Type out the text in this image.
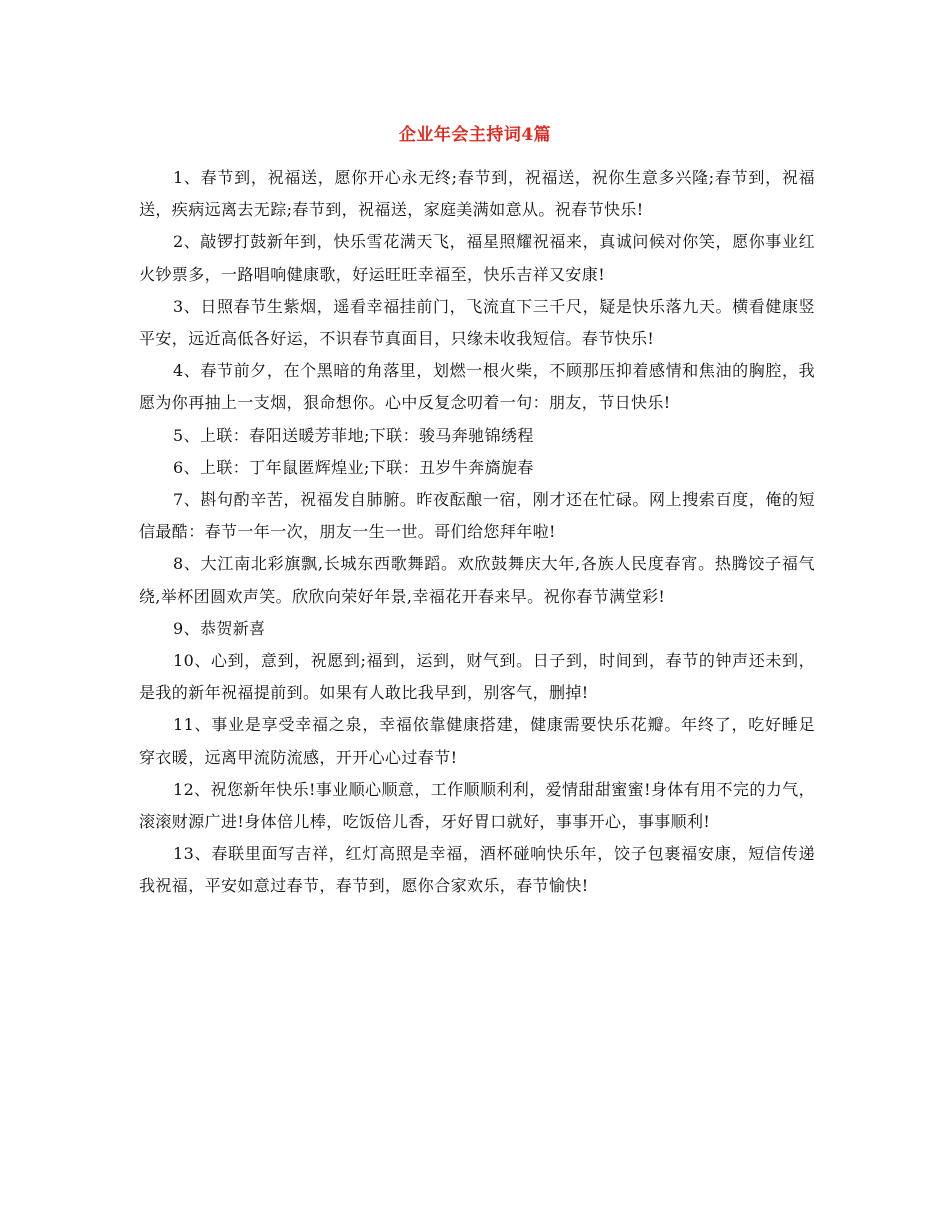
企业年会主持词4篇

1、春节到，祝福送，愿你开心永无终;春节到，祝福送，祝你生意多兴隆;春节到，祝福送，疾病远离去无踪;春节到，祝福送，家庭美满如意从。祝春节快乐!

2、敲锣打鼓新年到，快乐雪花满天飞，福星照耀祝福来，真诚问候对你笑，愿你事业红火钞票多，一路唱响健康歌，好运旺旺幸福至，快乐吉祥又安康!

3、日照春节生紫烟，遥看幸福挂前门，飞流直下三千尺，疑是快乐落九天。横看健康竖平安，远近高低各好运，不识春节真面目，只缘未收我短信。春节快乐!

4、春节前夕，在个黑暗的角落里，划燃一根火柴，不顾那压抑着感情和焦油的胸腔，我愿为你再抽上一支烟，狠命想你。心中反复念叨着一句：朋友，节日快乐!

5、上联：春阳送暖芳菲地;下联：骏马奔驰锦绣程

6、上联：丁年鼠匿辉煌业;下联：丑岁牛奔旖旎春

7、斟句酌辛苦，祝福发自肺腑。昨夜酝酿一宿，刚才还在忙碌。网上搜索百度，俺的短信最酷：春节一年一次，朋友一生一世。哥们给您拜年啦!

8、大江南北彩旗飘,长城东西歌舞蹈。欢欣鼓舞庆大年,各族人民度春宵。热腾饺子福气绕,举杯团圆欢声笑。欣欣向荣好年景,幸福花开春来早。祝你春节满堂彩!

9、恭贺新喜

10、心到，意到，祝愿到;福到，运到，财气到。日子到，时间到，春节的钟声还未到，是我的新年祝福提前到。如果有人敢比我早到，别客气，删掉!

11、事业是享受幸福之泉，幸福依靠健康搭建，健康需要快乐花瓣。年终了，吃好睡足穿衣暖，远离甲流防流感，开开心心过春节!

12、祝您新年快乐!事业顺心顺意，工作顺顺利利，爱情甜甜蜜蜜!身体有用不完的力气，滚滚财源广进!身体倍儿棒，吃饭倍儿香，牙好胃口就好，事事开心，事事顺利!

13、春联里面写吉祥，红灯高照是幸福，酒杯碰响快乐年，饺子包裹福安康，短信传递我祝福，平安如意过春节，春节到，愿你合家欢乐，春节愉快!
